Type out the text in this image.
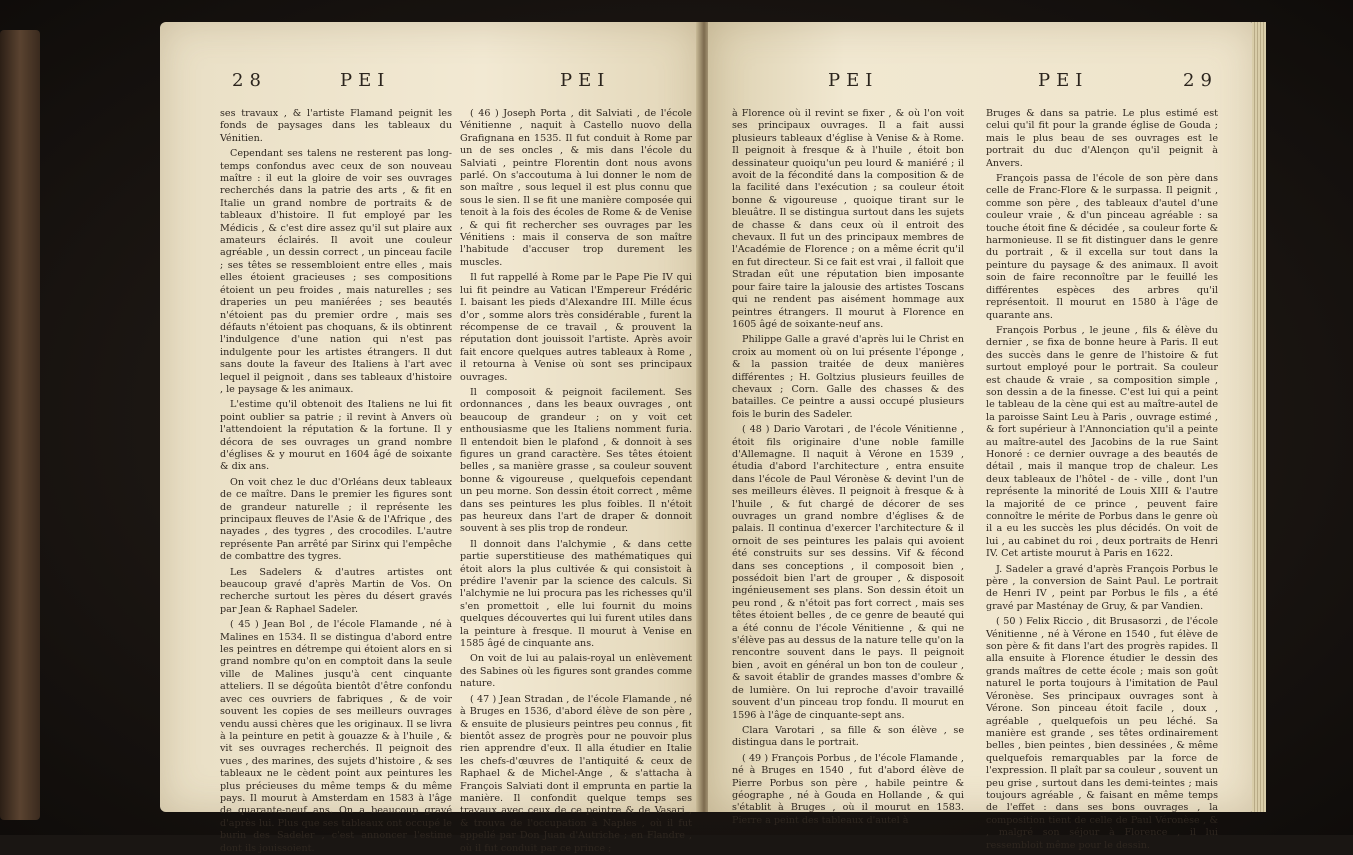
28	PEI	PEI

ses travaux , & l'artiste Flamand peignit les fonds de paysages dans les tableaux du Vénitien.

Cependant ses talens ne resterent pas long-temps confondus avec ceux de son nouveau maître : il eut la gloire de voir ses ouvrages recherchés dans la patrie des arts , & fit en Italie un grand nombre de portraits & de tableaux d'histoire. Il fut employé par les Médicis , & c'est dire assez qu'il sut plaire aux amateurs éclairés. Il avoit une couleur agréable , un dessin correct , un pinceau facile ; ses têtes se ressembloient entre elles , mais elles étoient gracieuses ; ses compositions étoient un peu froides , mais naturelles ; ses draperies un peu maniérées ; ses beautés n'étoient pas du premier ordre , mais ses défauts n'étoient pas choquans, & ils obtinrent l'indulgence d'une nation qui n'est pas indulgente pour les artistes étrangers. Il dut sans doute la faveur des Italiens à l'art avec lequel il peignoit , dans ses tableaux d'histoire , le paysage & les animaux.

L'estime qu'il obtenoit des Italiens ne lui fit point oublier sa patrie ; il revint à Anvers où l'attendoient la réputation & la fortune. Il y décora de ses ouvrages un grand nombre d'églises & y mourut en 1604 âgé de soixante & dix ans.

On voit chez le duc d'Orléans deux tableaux de ce maître. Dans le premier les figures sont de grandeur naturelle ; il représente les principaux fleuves de l'Asie & de l'Afrique , des nayades , des tygres , des crocodiles. L'autre représente Pan arrêté par Sirinx qui l'empêche de combattre des tygres.

Les Sadelers & d'autres artistes ont beaucoup gravé d'après Martin de Vos. On recherche surtout les pères du désert gravés par Jean & Raphael Sadeler.

( 45 ) Jean Bol , de l'école Flamande , né à Malines en 1534. Il se distingua d'abord entre les peintres en détrempe qui étoient alors en si grand nombre qu'on en comptoit dans la seule ville de Malines jusqu'à cent cinquante atteliers. Il se dégoûta bientôt d'être confondu avec ces ouvriers de fabriques , & de voir souvent les copies de ses meilleurs ouvrages vendu aussi chères que les originaux. Il se livra à la peinture en petit à gouazze & à l'huile , & vit ses ouvrages recherchés. Il peignoit des vues , des marines, des sujets d'histoire , & ses tableaux ne le cèdent point aux peintures les plus précieuses du même temps & du même pays. Il mourut à Amsterdam en 1583 à l'âge de quarante-neuf ans. On a beaucoup gravé d'après lui. Plus que ses tableaux ont occupé le burin des Sadeler , c'est annoncer l'estime dont ils jouissoient.

( 46 ) Joseph Porta , dit Salviati , de l'école Vénitienne , naquit à Castello nuovo della Grafignana en 1535. Il fut conduit à Rome par un de ses oncles , & mis dans l'école du Salviati , peintre Florentin dont nous avons parlé. On s'accoutuma à lui donner le nom de son maître , sous lequel il est plus connu que sous le sien. Il se fit une manière composée qui tenoit à la fois des écoles de Rome & de Venise , & qui fit rechercher ses ouvrages par les Vénitiens : mais il conserva de son maître l'habitude d'accuser trop durement les muscles.

Il fut rappellé à Rome par le Pape Pie IV qui lui fit peindre au Vatican l'Empereur Frédéric I. baisant les pieds d'Alexandre III. Mille écus d'or , somme alors très considérable , furent la récompense de ce travail , & prouvent la réputation dont jouissoit l'artiste. Après avoir fait encore quelques autres tableaux à Rome , il retourna à Venise où sont ses principaux ouvrages.

Il composoit & peignoit facilement. Ses ordonnances , dans les beaux ouvrages , ont beaucoup de grandeur ; on y voit cet enthousiasme que les Italiens nomment furia. Il entendoit bien le plafond , & donnoit à ses figures un grand caractère. Ses têtes étoient belles , sa manière grasse , sa couleur souvent bonne & vigoureuse , quelquefois cependant un peu morne. Son dessin étoit correct , même dans ses peintures les plus foibles. Il n'étoit pas heureux dans l'art de draper & donnoit souvent à ses plis trop de rondeur.

Il donnoit dans l'alchymie , & dans cette partie superstitieuse des mathématiques qui étoit alors la plus cultivée & qui consistoit à prédire l'avenir par la science des calculs. Si l'alchymie ne lui procura pas les richesses qu'il s'en promettoit , elle lui fournit du moins quelques découvertes qui lui furent utiles dans la peinture à fresque. Il mourut à Venise en 1585 âgé de cinquante ans.

On voit de lui au palais-royal un enlèvement des Sabines où les figures sont grandes comme nature.

( 47 ) Jean Stradan , de l'école Flamande , né à Bruges en 1536, d'abord élève de son père , & ensuite de plusieurs peintres peu connus , fit bientôt assez de progrès pour ne pouvoir plus rien apprendre d'eux. Il alla étudier en Italie les chefs-d'œuvres de l'antiquité & ceux de Raphael & de Michel-Ange , & s'attacha à François Salviati dont il emprunta en partie la manière. Il confondit quelque temps ses travaux avec ceux de ce peintre & de Vasari , & trouva de l'occupation à Naples , où il fut appellé par Don Juan d'Autriche ; en Flandre , où il fut conduit par ce prince ;

PEI	PEI	29

à Florence où il revint se fixer , & où l'on voit ses principaux ouvrages. Il a fait aussi plusieurs tableaux d'église à Venise & à Rome. Il peignoit à fresque & à l'huile , étoit bon dessinateur quoiqu'un peu lourd & maniéré ; il avoit de la fécondité dans la composition & de la facilité dans l'exécution ; sa couleur étoit bonne & vigoureuse , quoique tirant sur le bleuâtre. Il se distingua surtout dans les sujets de chasse & dans ceux où il entroit des chevaux. Il fut un des principaux membres de l'Académie de Florence ; on a même écrit qu'il en fut directeur. Si ce fait est vrai , il falloit que Stradan eût une réputation bien imposante pour faire taire la jalousie des artistes Toscans qui ne rendent pas aisément hommage aux peintres étrangers. Il mourut à Florence en 1605 âgé de soixante-neuf ans.

Philippe Galle a gravé d'après lui le Christ en croix au moment où on lui présente l'éponge , & la passion traitée de deux manières différentes ; H. Goltzius plusieurs feuilles de chevaux ; Corn. Galle des chasses & des batailles. Ce peintre a aussi occupé plusieurs fois le burin des Sadeler.

( 48 ) Dario Varotari , de l'école Vénitienne , étoit fils originaire d'une noble famille d'Allemagne. Il naquit à Vérone en 1539 , étudia d'abord l'architecture , entra ensuite dans l'école de Paul Véronèse & devint l'un de ses meilleurs élèves. Il peignoit à fresque & à l'huile , & fut chargé de décorer de ses ouvrages un grand nombre d'églises & de palais. Il continua d'exercer l'architecture & il ornoit de ses peintures les palais qui avoient été construits sur ses dessins. Vif & fécond dans ses conceptions , il composoit bien , possédoit bien l'art de grouper , & disposoit ingénieusement ses plans. Son dessin étoit un peu rond , & n'étoit pas fort correct , mais ses têtes étoient belles , de ce genre de beauté qui a été connu de l'école Vénitienne , & qui ne s'élève pas au dessus de la nature telle qu'on la rencontre souvent dans le pays. Il peignoit bien , avoit en général un bon ton de couleur , & savoit établir de grandes masses d'ombre & de lumière. On lui reproche d'avoir travaillé souvent d'un pinceau trop fondu. Il mourut en 1596 à l'âge de cinquante-sept ans.

Clara Varotari , sa fille & son élève , se distingua dans le portrait.

( 49 ) François Porbus , de l'école Flamande , né à Bruges en 1540 , fut d'abord élève de Pierre Porbus son père , habile peintre & géographe , né à Gouda en Hollande , & qui s'établit à Bruges , où il mourut en 1583. Pierre a peint des tableaux d'autel à

Bruges & dans sa patrie. Le plus estimé est celui qu'il fit pour la grande église de Gouda ; mais le plus beau de ses ouvrages est le portrait du duc d'Alençon qu'il peignit à Anvers.

François passa de l'école de son père dans celle de Franc-Flore & le surpassa. Il peignit , comme son père , des tableaux d'autel d'une couleur vraie , & d'un pinceau agréable : sa touche étoit fine & décidée , sa couleur forte & harmonieuse. Il se fit distinguer dans le genre du portrait , & il excella sur tout dans la peinture du paysage & des animaux. Il avoit soin de faire reconnoître par le feuillé les différentes espèces des arbres qu'il représentoit. Il mourut en 1580 à l'âge de quarante ans.

François Porbus , le jeune , fils & élève du dernier , se fixa de bonne heure à Paris. Il eut des succès dans le genre de l'histoire & fut surtout employé pour le portrait. Sa couleur est chaude & vraie , sa composition simple , son dessin a de la finesse. C'est lui qui a peint le tableau de la cène qui est au maître-autel de la paroisse Saint Leu à Paris , ouvrage estimé , & fort supérieur à l'Annonciation qu'il a peinte au maître-autel des Jacobins de la rue Saint Honoré : ce dernier ouvrage a des beautés de détail , mais il manque trop de chaleur. Les deux tableaux de l'hôtel - de - ville , dont l'un représente la minorité de Louis XIII & l'autre la majorité de ce prince , peuvent faire connoître le mérite de Porbus dans le genre où il a eu les succès les plus décidés. On voit de lui , au cabinet du roi , deux portraits de Henri IV. Cet artiste mourut à Paris en 1622.

J. Sadeler a gravé d'après François Porbus le père , la conversion de Saint Paul. Le portrait de Henri IV , peint par Porbus le fils , a été gravé par Masténay de Gruy, & par Vandien.

( 50 ) Felix Riccio , dit Brusasorzi , de l'école Vénitienne , né à Vérone en 1540 , fut élève de son père & fit dans l'art des progrès rapides. Il alla ensuite à Florence étudier le dessin des grands maîtres de cette école ; mais son goût naturel le porta toujours à l'imitation de Paul Véronèse. Ses principaux ouvrages sont à Vérone. Son pinceau étoit facile , doux , agréable , quelquefois un peu léché. Sa manière est grande , ses têtes ordinairement belles , bien peintes , bien dessinées , & même quelquefois remarquables par la force de l'expression. Il plaît par sa couleur , souvent un peu grise , surtout dans les demi-teintes ; mais toujours agréable , & faisant en même temps de l'effet : dans ses bons ouvrages , la composition tient de celle de Paul Véronèse , & , malgré son séjour à Florence , il lui ressembloit même pour le dessin.
